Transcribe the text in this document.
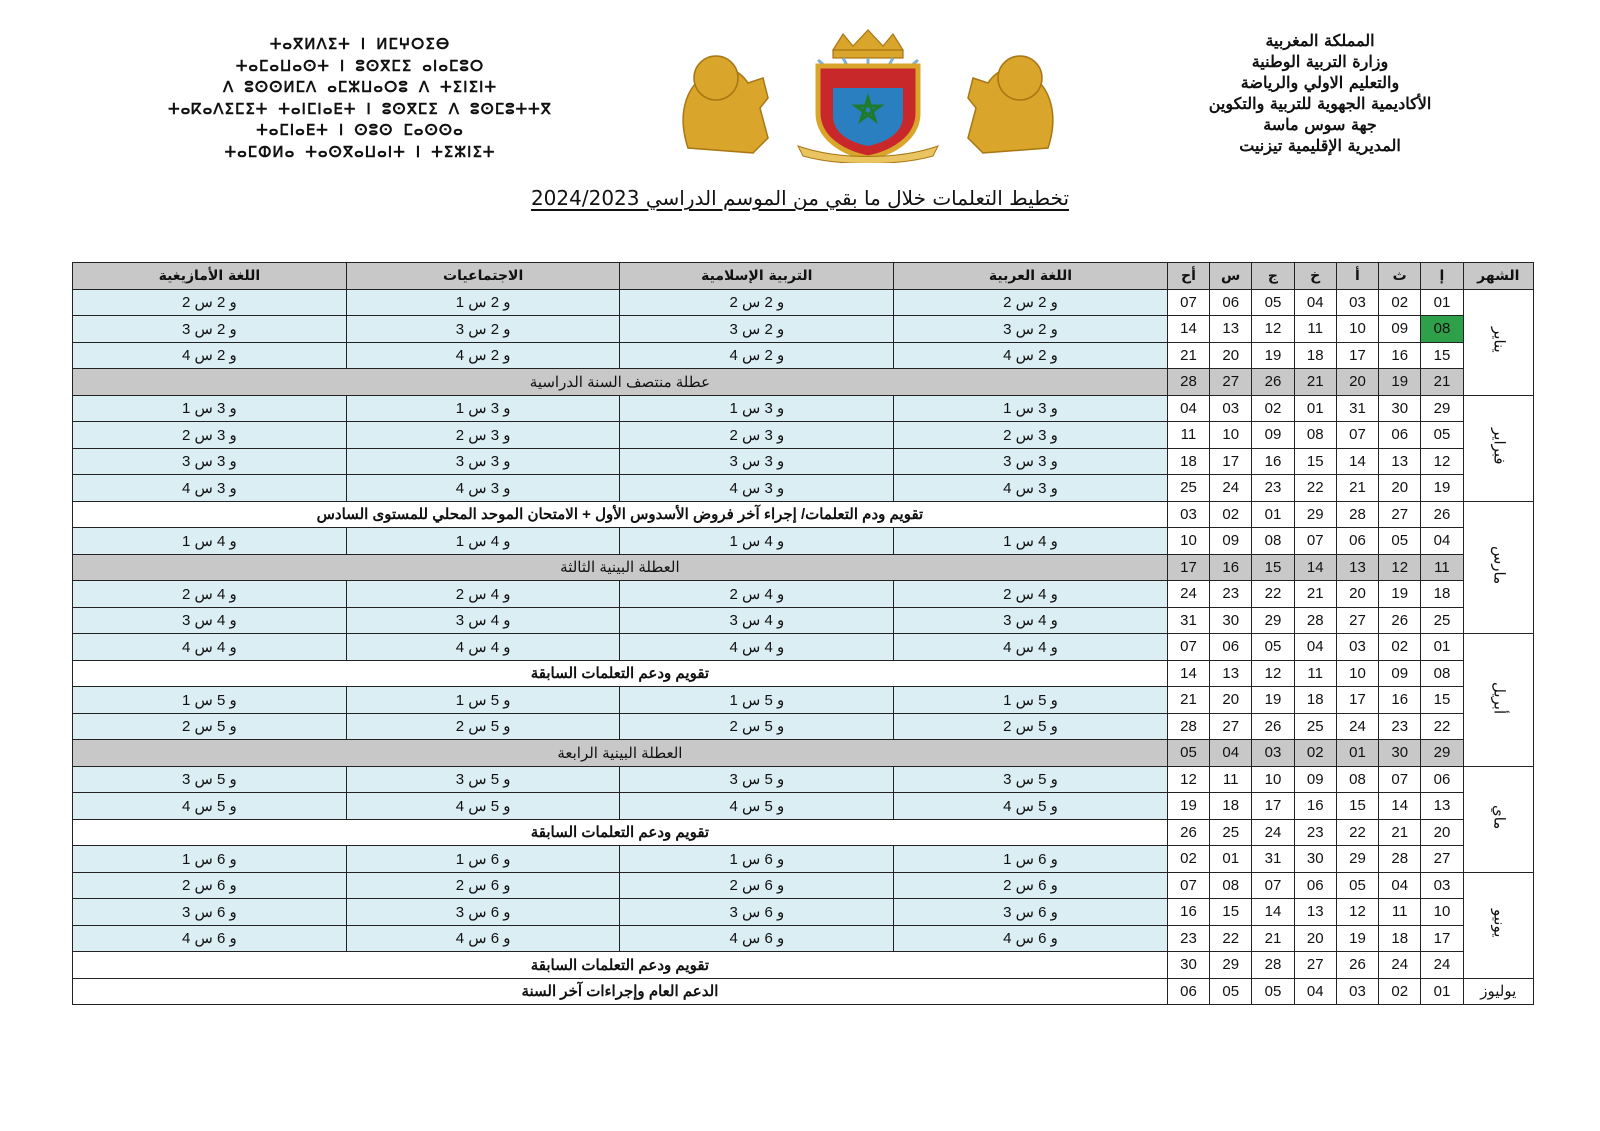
المملكة المغربية
وزارة التربية الوطنية
والتعليم الاولي والرياضة
الأكاديمية الجهوية للتربية والتكوين
جهة سوس ماسة
المديرية الإقليمية تيزنيت
ⵜⴰⴳⵍⴷⵉⵜ ⵏ ⵍⵎⵖⵔⵉⴱ
ⵜⴰⵎⴰⵡⴰⵙⵜ ⵏ ⵓⵙⴳⵎⵉ ⴰⵏⴰⵎⵓⵔ
ⴷ ⵓⵙⵙⵍⵎⴷ ⴰⵎⵣⵡⴰⵔⵓ ⴷ ⵜⵉⵏⵉⵏⵜ
ⵜⴰⴽⴰⴷⵉⵎⵉⵜ ⵜⴰⵏⵎⵏⴰⴹⵜ ⵏ ⵓⵙⴳⵎⵉ ⴷ ⵓⵙⵎⵓⵜⵜⴳ
ⵜⴰⵎⵏⴰⴹⵜ ⵏ ⵙⵓⵙ ⵎⴰⵙⵙⴰ
ⵜⴰⵎⵀⵍⴰ ⵜⴰⵙⴳⴰⵡⴰⵏⵜ ⵏ ⵜⵉⵣⵏⵉⵜ
تخطيط التعلمات خلال ما بقي من الموسم الدراسي 2024/2023
الشهر	إ	ث	أ	خ	ج	س	أح	اللغة العربية	التربية الإسلامية	الاجتماعيات	اللغة الأمازيغية
يناير	01	02	03	04	05	06	07	و 2 س 2	و 2 س 2	و 2 س 1	و 2 س 2
	08	09	10	11	12	13	14	و 2 س 3	و 2 س 3	و 2 س 3	و 2 س 3
	15	16	17	18	19	20	21	و 2 س 4	و 2 س 4	و 2 س 4	و 2 س 4
	21	19	20	21	26	27	28	عطلة منتصف السنة الدراسية			
فبراير	29	30	31	01	02	03	04	و 3 س 1	و 3 س 1	و 3 س 1	و 3 س 1
	05	06	07	08	09	10	11	و 3 س 2	و 3 س 2	و 3 س 2	و 3 س 2
	12	13	14	15	16	17	18	و 3 س 3	و 3 س 3	و 3 س 3	و 3 س 3
	19	20	21	22	23	24	25	و 3 س 4	و 3 س 4	و 3 س 4	و 3 س 4
مارس	26	27	28	29	01	02	03	تقويم ودم التعلمات/ إجراء آخر فروض الأسدوس الأول + الامتحان الموحد المحلي للمستوى السادس			
	04	05	06	07	08	09	10	و 4 س 1	و 4 س 1	و 4 س 1	و 4 س 1
	11	12	13	14	15	16	17	العطلة البينية الثالثة			
	18	19	20	21	22	23	24	و 4 س 2	و 4 س 2	و 4 س 2	و 4 س 2
	25	26	27	28	29	30	31	و 4 س 3	و 4 س 3	و 4 س 3	و 4 س 3
أبريل	01	02	03	04	05	06	07	و 4 س 4	و 4 س 4	و 4 س 4	و 4 س 4
	08	09	10	11	12	13	14	تقويم ودعم التعلمات السابقة			
	15	16	17	18	19	20	21	و 5 س 1	و 5 س 1	و 5 س 1	و 5 س 1
	22	23	24	25	26	27	28	و 5 س 2	و 5 س 2	و 5 س 2	و 5 س 2
	29	30	01	02	03	04	05	العطلة البينية الرابعة			
ماي	06	07	08	09	10	11	12	و 5 س 3	و 5 س 3	و 5 س 3	و 5 س 3
	13	14	15	16	17	18	19	و 5 س 4	و 5 س 4	و 5 س 4	و 5 س 4
	20	21	22	23	24	25	26	تقويم ودعم التعلمات السابقة			
	27	28	29	30	31	01	02	و 6 س 1	و 6 س 1	و 6 س 1	و 6 س 1
يونيو	03	04	05	06	07	08	07	و 6 س 2	و 6 س 2	و 6 س 2	و 6 س 2
	10	11	12	13	14	15	16	و 6 س 3	و 6 س 3	و 6 س 3	و 6 س 3
	17	18	19	20	21	22	23	و 6 س 4	و 6 س 4	و 6 س 4	و 6 س 4
	24	24	26	27	28	29	30	تقويم ودعم التعلمات السابقة			
يوليوز	01	02	03	04	05	05	06	الدعم العام وإجراءات آخر السنة			
